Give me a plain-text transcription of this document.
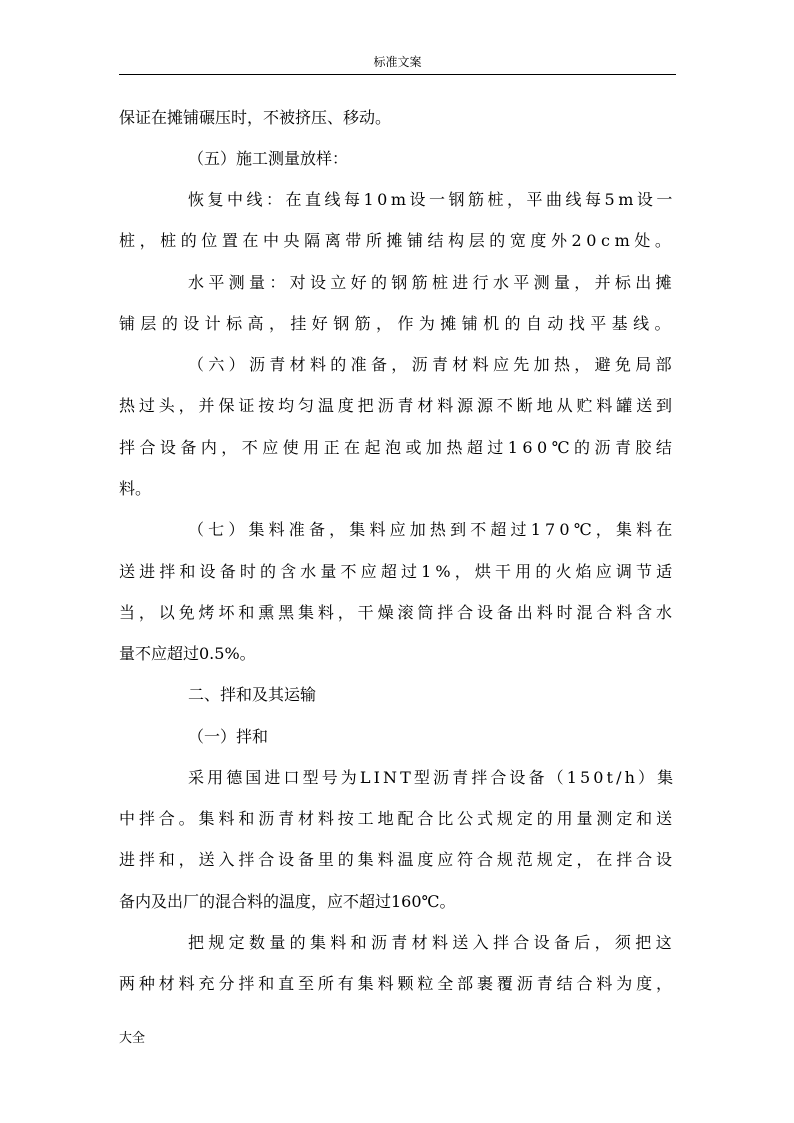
标准文案
保证在摊铺碾压时，不被挤压、移动。
（五）施工测量放样：
恢复中线：在直线每10m设一钢筋桩，平曲线每5m设一
桩，桩的位置在中央隔离带所摊铺结构层的宽度外20cm处。
水平测量：对设立好的钢筋桩进行水平测量，并标出摊
铺层的设计标高，挂好钢筋，作为摊铺机的自动找平基线。
（六）沥青材料的准备，沥青材料应先加热，避免局部
热过头，并保证按均匀温度把沥青材料源源不断地从贮料罐送到
拌合设备内，不应使用正在起泡或加热超过160℃的沥青胶结
料。
（七）集料准备，集料应加热到不超过170℃，集料在
送进拌和设备时的含水量不应超过1%，烘干用的火焰应调节适
当，以免烤坏和熏黑集料，干燥滚筒拌合设备出料时混合料含水
量不应超过0.5%。
二、拌和及其运输
（一）拌和
采用德国进口型号为LINT型沥青拌合设备（150t/h）集
中拌合。集料和沥青材料按工地配合比公式规定的用量测定和送
进拌和，送入拌合设备里的集料温度应符合规范规定，在拌合设
备内及出厂的混合料的温度，应不超过160℃。
把规定数量的集料和沥青材料送入拌合设备后，须把这
两种材料充分拌和直至所有集料颗粒全部裹覆沥青结合料为度，
大全
